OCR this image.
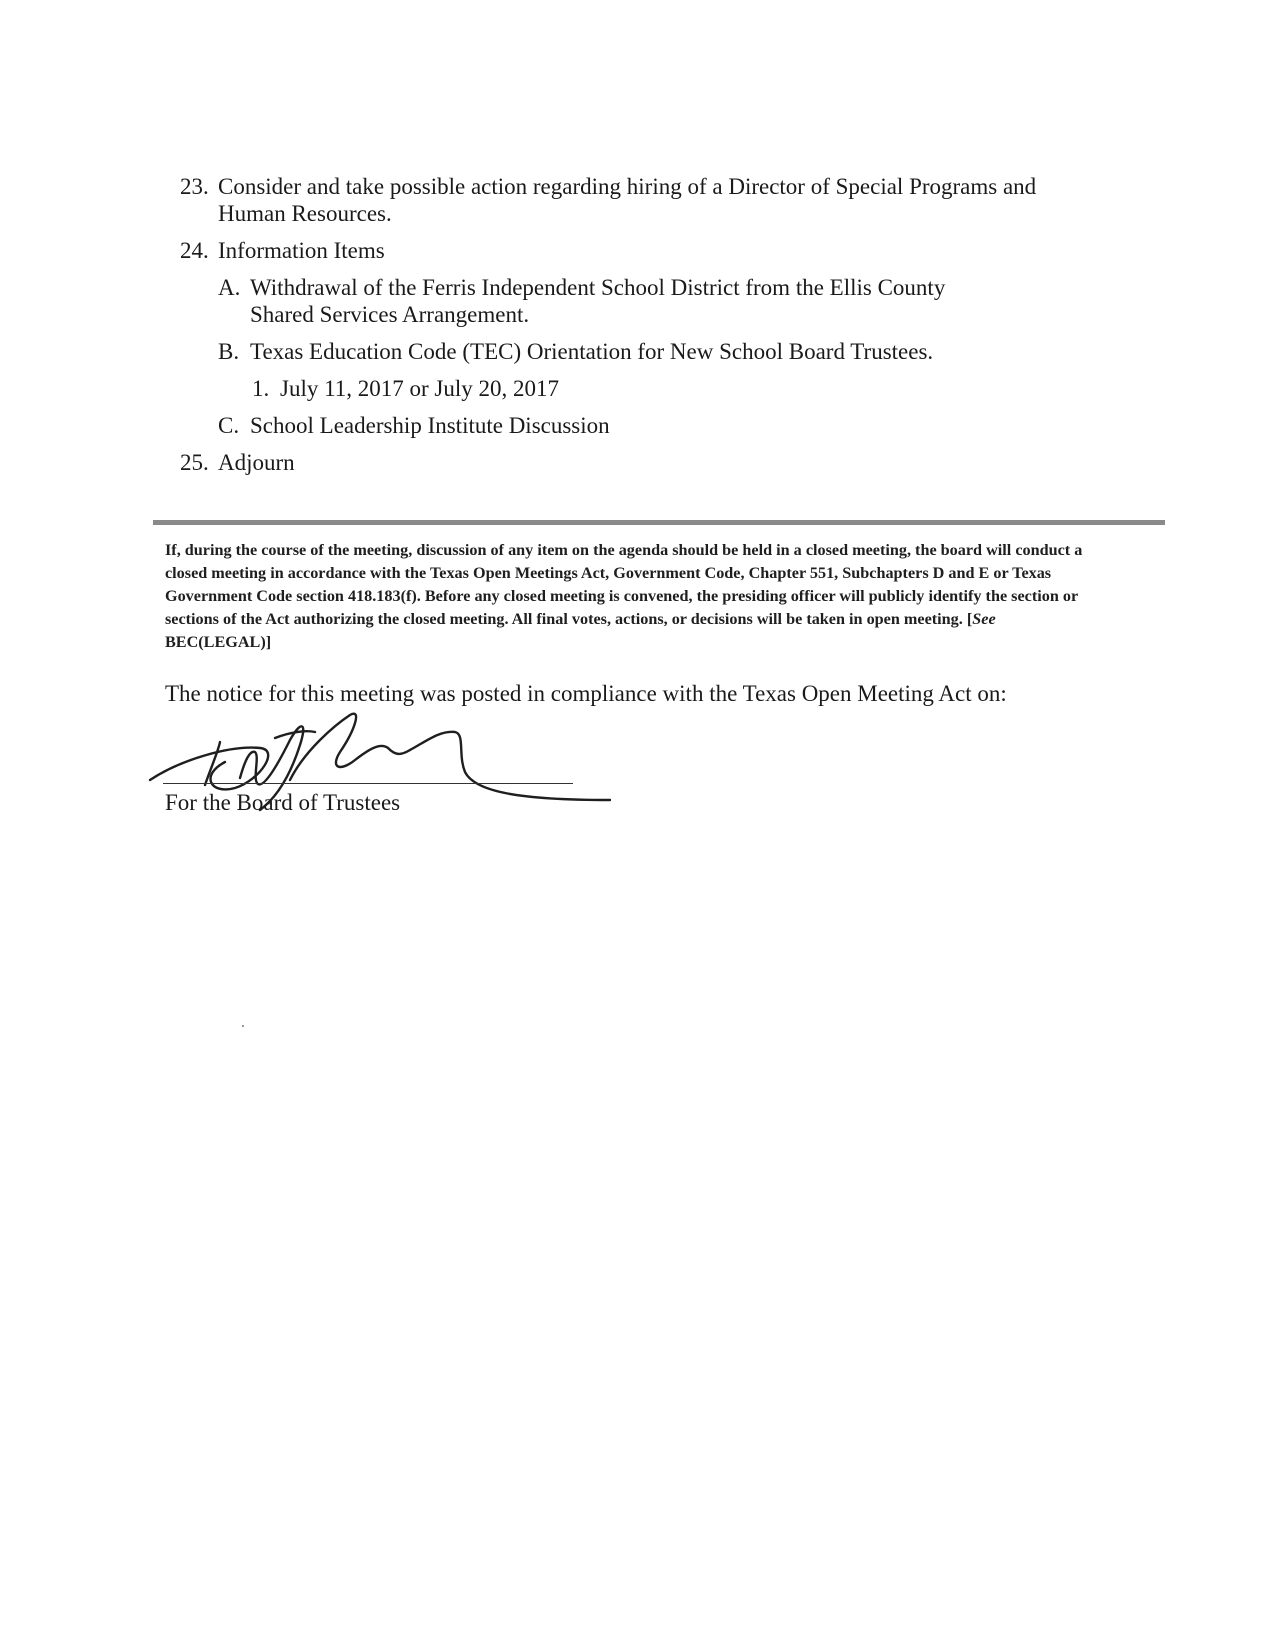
23. Consider and take possible action regarding hiring of a Director of Special Programs and Human Resources.
24. Information Items
A. Withdrawal of the Ferris Independent School District from the Ellis County Shared Services Arrangement.
B. Texas Education Code (TEC) Orientation for New School Board Trustees.
1. July 11, 2017 or July 20, 2017
C. School Leadership Institute Discussion
25. Adjourn
If, during the course of the meeting, discussion of any item on the agenda should be held in a closed meeting, the board will conduct a closed meeting in accordance with the Texas Open Meetings Act, Government Code, Chapter 551, Subchapters D and E or Texas Government Code section 418.183(f). Before any closed meeting is convened, the presiding officer will publicly identify the section or sections of the Act authorizing the closed meeting. All final votes, actions, or decisions will be taken in open meeting. [See BEC(LEGAL)]
The notice for this meeting was posted in compliance with the Texas Open Meeting Act on:
For the Board of Trustees
